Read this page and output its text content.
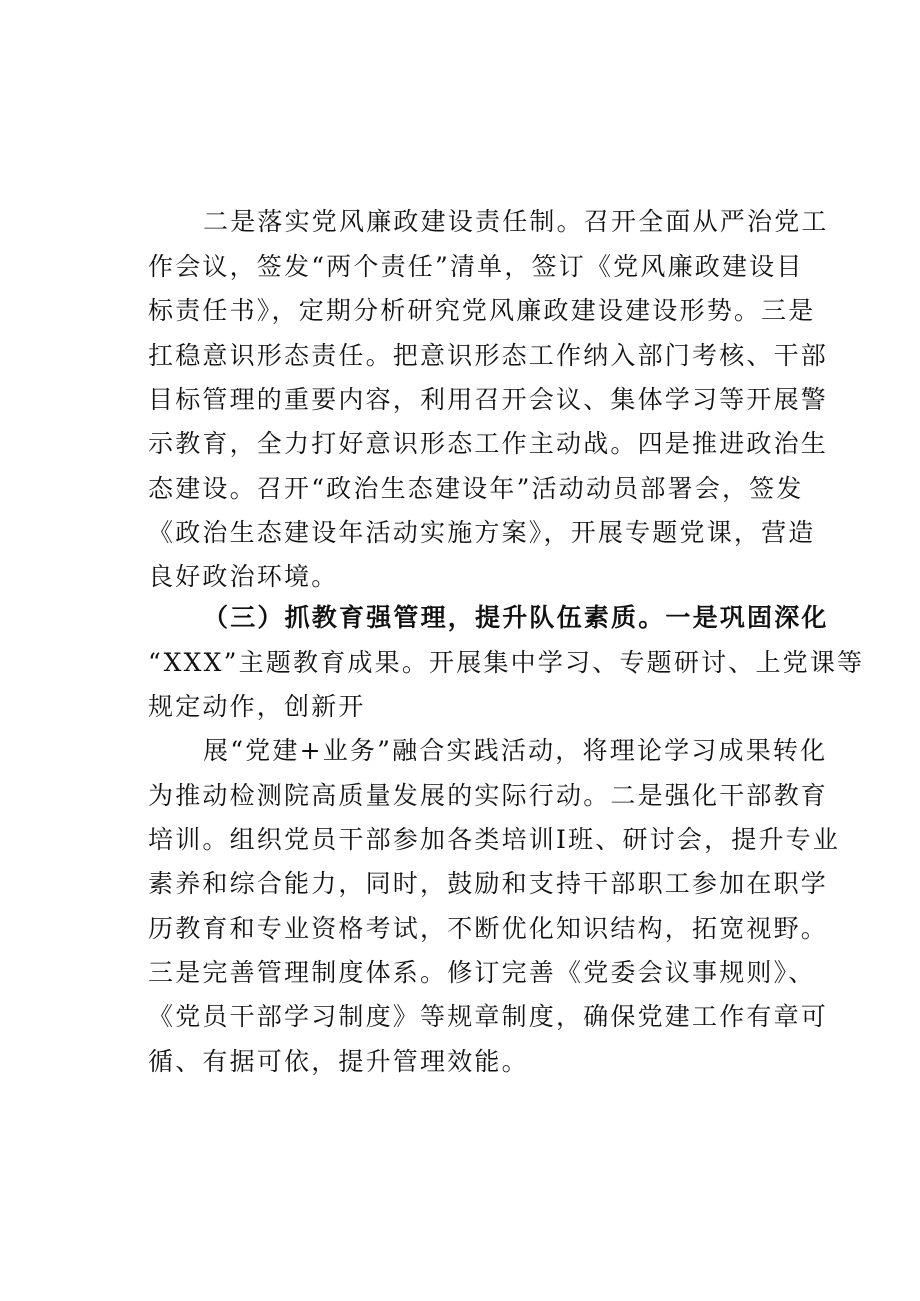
二是落实党风廉政建设责任制。召开全面从严治党工
作会议，签发“两个责任”清单，签订《党风廉政建设目
标责任书》，定期分析研究党风廉政建设建设形势。三是
扛稳意识形态责任。把意识形态工作纳入部门考核、干部
目标管理的重要内容，利用召开会议、集体学习等开展警
示教育，全力打好意识形态工作主动战。四是推进政治生
态建设。召开“政治生态建设年”活动动员部署会，签发
《政治生态建设年活动实施方案》，开展专题党课，营造
良好政治环境。
（三）抓教育强管理，提升队伍素质。一是巩固深化
“XXX”主题教育成果。开展集中学习、专题研讨、上党课等
规定动作，创新开
展“党建+业务”融合实践活动，将理论学习成果转化
为推动检测院高质量发展的实际行动。二是强化干部教育
培训。组织党员干部参加各类培训I班、研讨会，提升专业
素养和综合能力，同时，鼓励和支持干部职工参加在职学
历教育和专业资格考试，不断优化知识结构，拓宽视野。
三是完善管理制度体系。修订完善《党委会议事规则》、
《党员干部学习制度》等规章制度，确保党建工作有章可
循、有据可依，提升管理效能。
